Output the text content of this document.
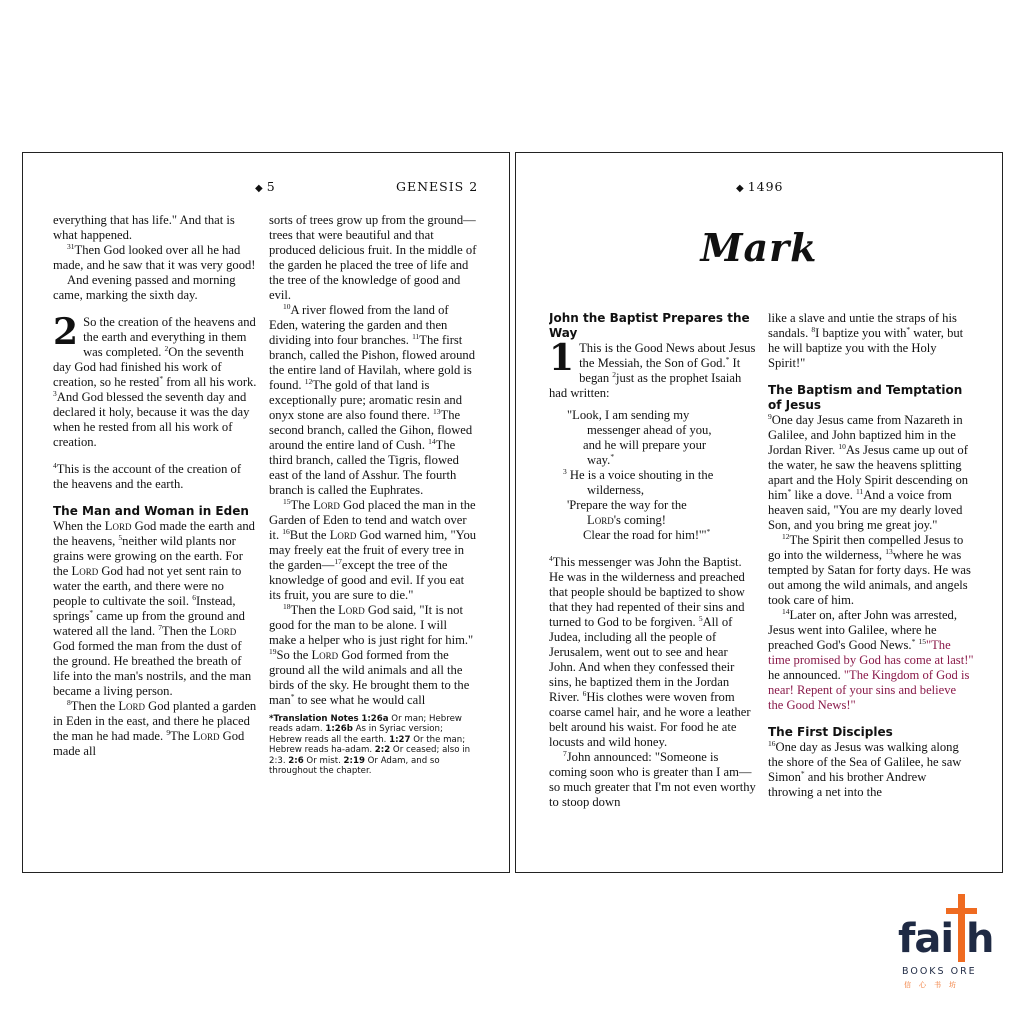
◆ 5	GENESIS 2

everything that has life." And that is what happened.

$^{31}$Then God looked over all he had made, and he saw that it was very good!

And evening passed and morning came, marking the sixth day.

2 So the creation of the heavens and the earth and everything in them was completed. $^2$On the seventh day God had finished his work of creation, so he rested* from all his work. $^3$And God blessed the seventh day and declared it holy, because it was the day when he rested from all his work of creation.

$^4$This is the account of the creation of the heavens and the earth.

The Man and Woman in Eden

When the Lord God made the earth and the heavens, $^5$neither wild plants nor grains were growing on the earth. For the Lord God had not yet sent rain to water the earth, and there were no people to cultivate the soil. $^6$Instead, springs* came up from the ground and watered all the land. $^7$Then the Lord God formed the man from the dust of the ground. He breathed the breath of life into the man's nostrils, and the man became a living person.

$^8$Then the Lord God planted a garden in Eden in the east, and there he placed the man he had made. $^9$The Lord God made all

sorts of trees grow up from the ground—trees that were beautiful and that produced delicious fruit. In the middle of the garden he placed the tree of life and the tree of the knowledge of good and evil.

$^{10}$A river flowed from the land of Eden, watering the garden and then dividing into four branches. $^{11}$The first branch, called the Pishon, flowed around the entire land of Havilah, where gold is found. $^{12}$The gold of that land is exceptionally pure; aromatic resin and onyx stone are also found there. $^{13}$The second branch, called the Gihon, flowed around the entire land of Cush. $^{14}$The third branch, called the Tigris, flowed east of the land of Asshur. The fourth branch is called the Euphrates.

$^{15}$The Lord God placed the man in the Garden of Eden to tend and watch over it. $^{16}$But the Lord God warned him, "You may freely eat the fruit of every tree in the garden—$^{17}$except the tree of the knowledge of good and evil. If you eat its fruit, you are sure to die."

$^{18}$Then the Lord God said, "It is not good for the man to be alone. I will make a helper who is just right for him." $^{19}$So the Lord God formed from the ground all the wild animals and all the birds of the sky. He brought them to the man* to see what he would call

*Translation Notes 1:26a Or man; Hebrew reads adam. 1:26b As in Syriac version; Hebrew reads all the earth. 1:27 Or the man; Hebrew reads ha-adam. 2:2 Or ceased; also in 2:3. 2:6 Or mist. 2:19 Or Adam, and so throughout the chapter.
◆ 1496
Mark

John the Baptist Prepares the Way

1 This is the Good News about Jesus the Messiah, the Son of God.* It began $^2$just as the prophet Isaiah had written:

"Look, I am sending my

messenger ahead of you,

and he will prepare your

way.*

$^3$ He is a voice shouting in the

wilderness,

'Prepare the way for the

Lord's coming!

Clear the road for him!'"*

$^4$This messenger was John the Baptist. He was in the wilderness and preached that people should be baptized to show that they had repented of their sins and turned to God to be forgiven. $^5$All of Judea, including all the people of Jerusalem, went out to see and hear John. And when they confessed their sins, he baptized them in the Jordan River. $^6$His clothes were woven from coarse camel hair, and he wore a leather belt around his waist. For food he ate locusts and wild honey.

$^7$John announced: "Someone is coming soon who is greater than I am—so much greater that I'm not even worthy to stoop down

like a slave and untie the straps of his sandals. $^8$I baptize you with* water, but he will baptize you with the Holy Spirit!"

The Baptism and Temptation of Jesus

$^9$One day Jesus came from Nazareth in Galilee, and John baptized him in the Jordan River. $^{10}$As Jesus came up out of the water, he saw the heavens splitting apart and the Holy Spirit descending on him* like a dove. $^{11}$And a voice from heaven said, "You are my dearly loved Son, and you bring me great joy."

$^{12}$The Spirit then compelled Jesus to go into the wilderness, $^{13}$where he was tempted by Satan for forty days. He was out among the wild animals, and angels took care of him.

$^{14}$Later on, after John was arrested, Jesus went into Galilee, where he preached God's Good News.* $^{15}$"The time promised by God has come at last!" he announced. "The Kingdom of God is near! Repent of your sins and believe the Good News!"

The First Disciples

$^{16}$One day as Jesus was walking along the shore of the Sea of Galilee, he saw Simon* and his brother Andrew throwing a net into the

fai h
BOOKS ORE
信心书坊
